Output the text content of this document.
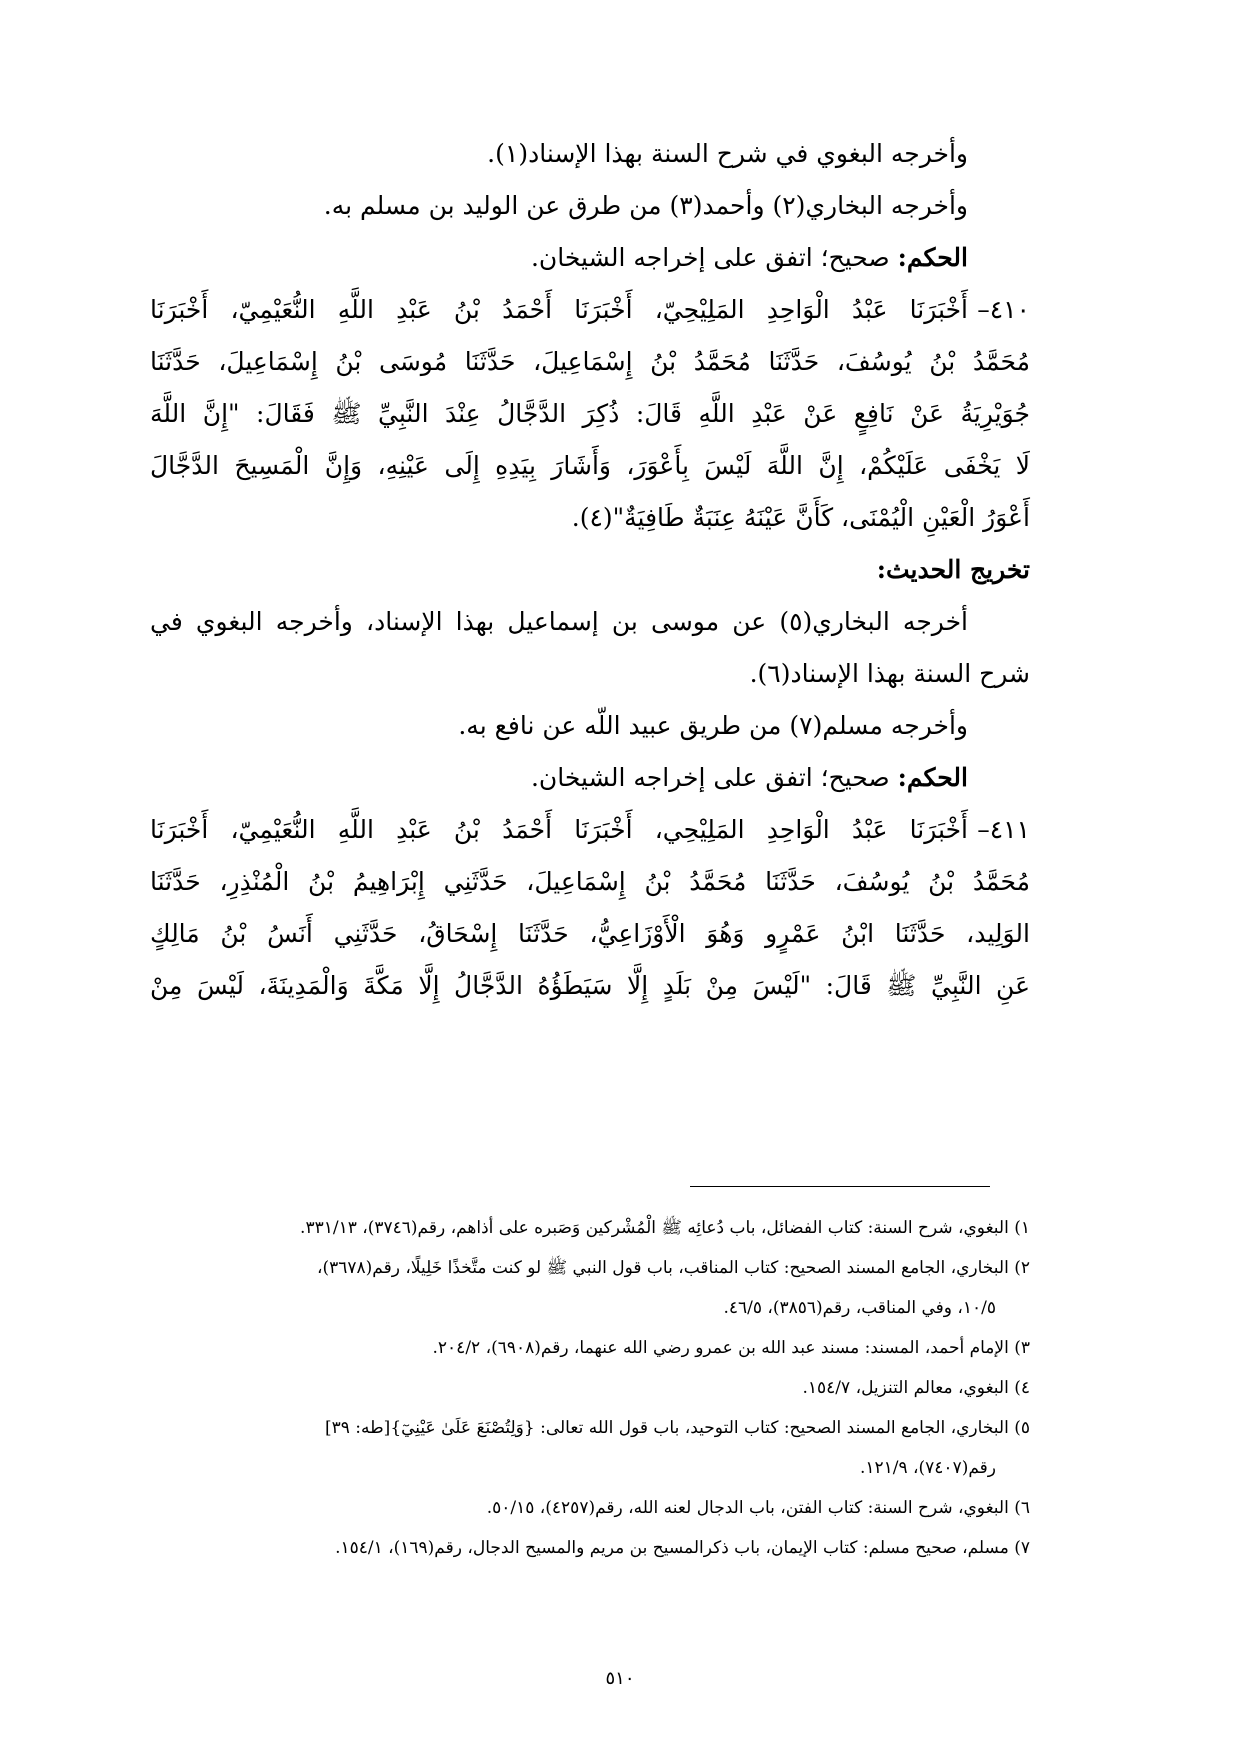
وأخرجه البغوي في شرح السنة بهذا الإسناد(١).
وأخرجه البخاري(٢) وأحمد(٣) من طرق عن الوليد بن مسلم به.
الحكم: صحيح؛ اتفق على إخراجه الشيخان.
٤١٠–أَخْبَرَنَا عَبْدُ الْوَاحِدِ المَلِيْحِيّ، أَخْبَرَنَا أَحْمَدُ بْنُ عَبْدِ اللَّهِ النُّعَيْمِيّ، أَخْبَرَنَا
مُحَمَّدُ بْنُ يُوسُفَ، حَدَّثَنَا مُحَمَّدُ بْنُ إِسْمَاعِيلَ، حَدَّثَنَا مُوسَى بْنُ إِسْمَاعِيلَ، حَدَّثَنَا
جُوَيْرِيَةُ عَنْ نَافِعٍ عَنْ عَبْدِ اللَّهِ قَالَ: ذُكِرَ الدَّجَّالُ عِنْدَ النَّبِيِّ ﷺ فَقَالَ: "إِنَّ اللَّهَ
لَا يَخْفَى عَلَيْكُمْ، إِنَّ اللَّهَ لَيْسَ بِأَعْوَرَ، وَأَشَارَ بِيَدِهِ إِلَى عَيْنِهِ، وَإِنَّ الْمَسِيحَ الدَّجَّالَ
أَعْوَرُ الْعَيْنِ الْيُمْنَى، كَأَنَّ عَيْنَهُ عِنَبَةٌ طَافِيَةٌ"(٤).
تخريج الحديث:
أخرجه البخاري(٥) عن موسى بن إسماعيل بهذا الإسناد، وأخرجه البغوي في
شرح السنة بهذا الإسناد(٦).
وأخرجه مسلم(٧) من طريق عبيد اللّه عن نافع به.
الحكم: صحيح؛ اتفق على إخراجه الشيخان.
٤١١–أَخْبَرَنَا عَبْدُ الْوَاحِدِ المَلِيْحِي، أَخْبَرَنَا أَحْمَدُ بْنُ عَبْدِ اللَّهِ النُّعَيْمِيّ، أَخْبَرَنَا
مُحَمَّدُ بْنُ يُوسُفَ، حَدَّثَنَا مُحَمَّدُ بْنُ إِسْمَاعِيلَ، حَدَّثَنِي إِبْرَاهِيمُ بْنُ الْمُنْذِرِ، حَدَّثَنَا
الوَلِيد، حَدَّثَنَا ابْنُ عَمْرٍو وَهُوَ الْأَوْزَاعِيُّ، حَدَّثَنَا إِسْحَاقُ، حَدَّثَنِي أَنَسُ بْنُ مَالِكٍ
عَنِ النَّبِيِّ ﷺ قَالَ: "لَيْسَ مِنْ بَلَدٍ إِلَّا سَيَطَؤُهُ الدَّجَّالُ إِلَّا مَكَّةَ وَالْمَدِينَةَ، لَيْسَ مِنْ
١) البغوي، شرح السنة: كتاب الفضائل، باب دُعائِه ﷺ الْمُشْركين وَصَبره على أذاهم، رقم(٣٧٤٦)، ٣٣١/١٣.
٢) البخاري، الجامع المسند الصحيح: كتاب المناقب، باب قول النبي ﷺ لو كنت متَّخذًا خَلِيلًا، رقم(٣٦٧٨)،
١٠/٥، وفي المناقب، رقم(٣٨٥٦)، ٤٦/٥.
٣) الإمام أحمد، المسند: مسند عبد الله بن عمرو رضي الله عنهما، رقم(٦٩٠٨)، ٢٠٤/٢.
٤) البغوي، معالم التنزيل، ١٥٤/٧.
٥) البخاري، الجامع المسند الصحيح: كتاب التوحيد، باب قول الله تعالى: {وَلِتُصْنَعَ عَلَىٰ عَيْنِيٓ}[طه: ٣٩]
رقم(٧٤٠٧)، ١٢١/٩.
٦) البغوي، شرح السنة: كتاب الفتن، باب الدجال لعنه الله، رقم(٤٢٥٧)، ٥٠/١٥.
٧) مسلم، صحيح مسلم: كتاب الإيمان، باب ذكرالمسيح بن مريم والمسيح الدجال، رقم(١٦٩)، ١٥٤/١.
٥١٠
